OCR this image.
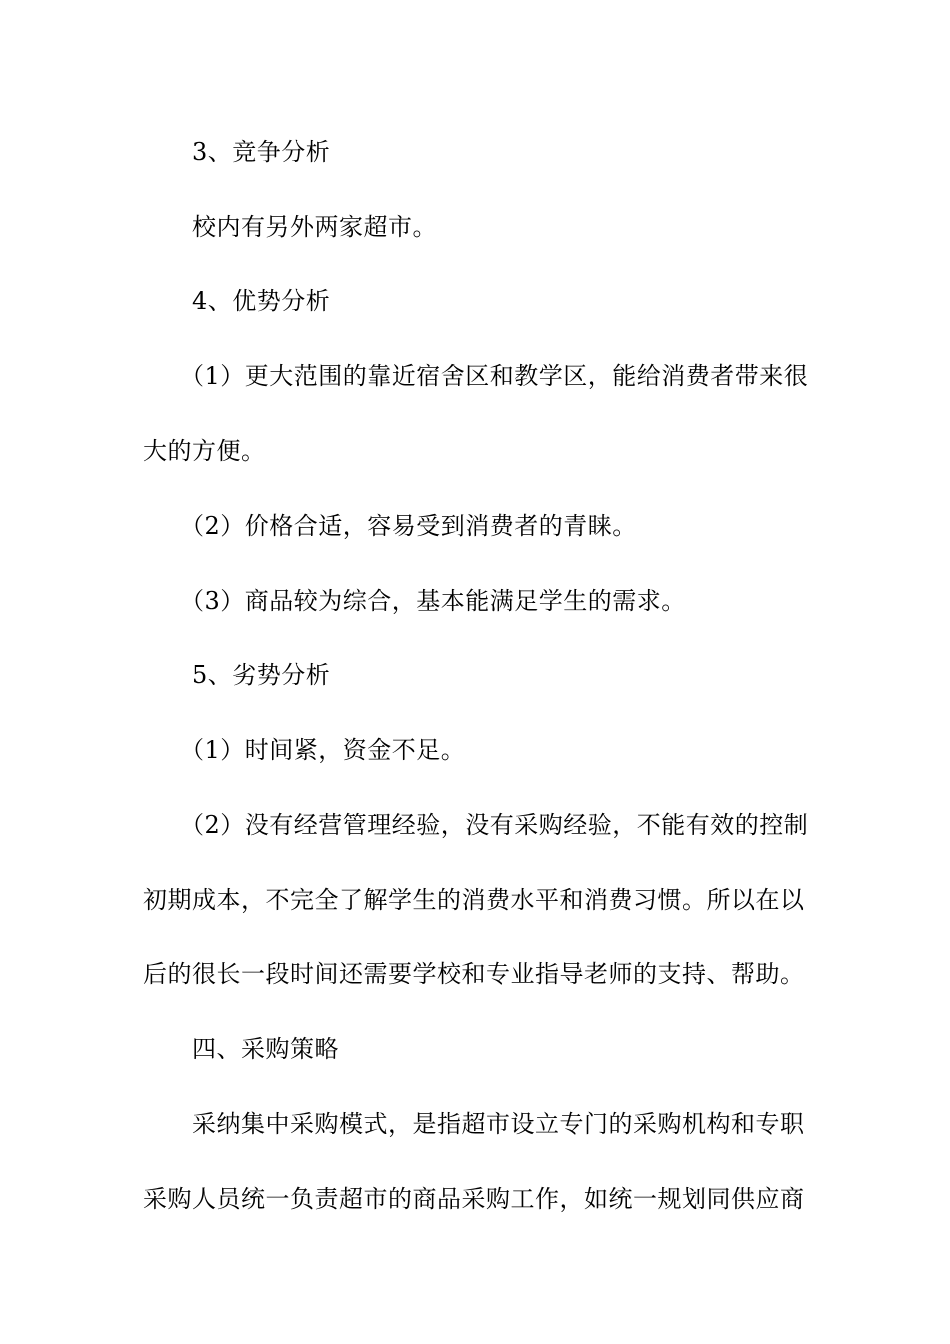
3、竞争分析
校内有另外两家超市。
4、优势分析
（1）更大范围的靠近宿舍区和教学区，能给消费者带来很
大的方便。
（2）价格合适，容易受到消费者的青睐。
（3）商品较为综合，基本能满足学生的需求。
5、劣势分析
（1）时间紧，资金不足。
（2）没有经营管理经验，没有采购经验，不能有效的控制
初期成本，不完全了解学生的消费水平和消费习惯。所以在以
后的很长一段时间还需要学校和专业指导老师的支持、帮助。
四、采购策略
采纳集中采购模式，是指超市设立专门的采购机构和专职
采购人员统一负责超市的商品采购工作，如统一规划同供应商
